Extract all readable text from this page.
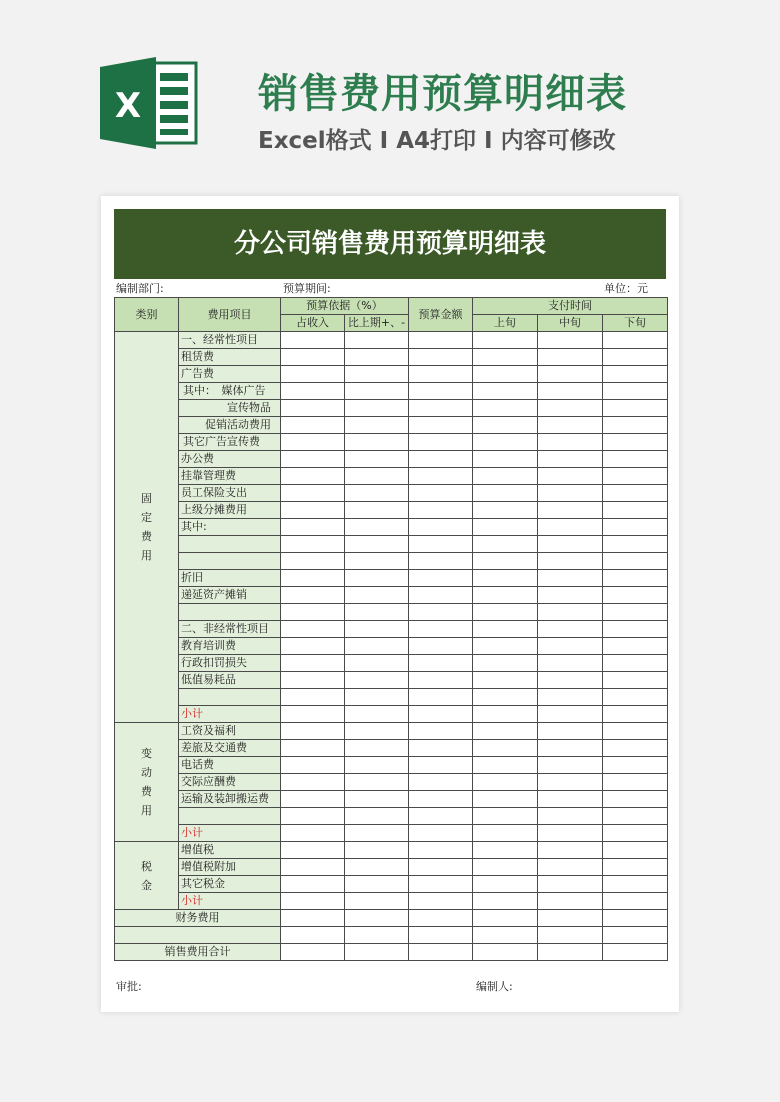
X	销售费用预算明细表
Excel格式 Ⅰ A4打印 Ⅰ 内容可修改
分公司销售费用预算明细表
编制部门:	预算期间:	单位：元
类别	费用项目	预算依据（%）		预算金额	支付时间		
		占收入	比上期+、-		上旬	中旬	下旬
固定费用	一、经常性项目						
	租赁费						
	广告费						
	其中：　媒体广告						
	宣传物品						
	促销活动费用						
	其它广告宣传费						
	办公费						
	挂靠管理费						
	员工保险支出						
	上级分摊费用						
	其中:						

	折旧						
	递延资产摊销						

	二、非经常性项目						
	教育培训费						
	行政扣罚损失						
	低值易耗品						

	小计						
变动费用	工资及福利						
	差旅及交通费						
	电话费						
	交际应酬费						
	运输及装卸搬运费						

	小计						
税金	增值税						
	增值税附加						
	其它税金						
	小计						
财务费用							

销售费用合计							
审批:	编制人:
